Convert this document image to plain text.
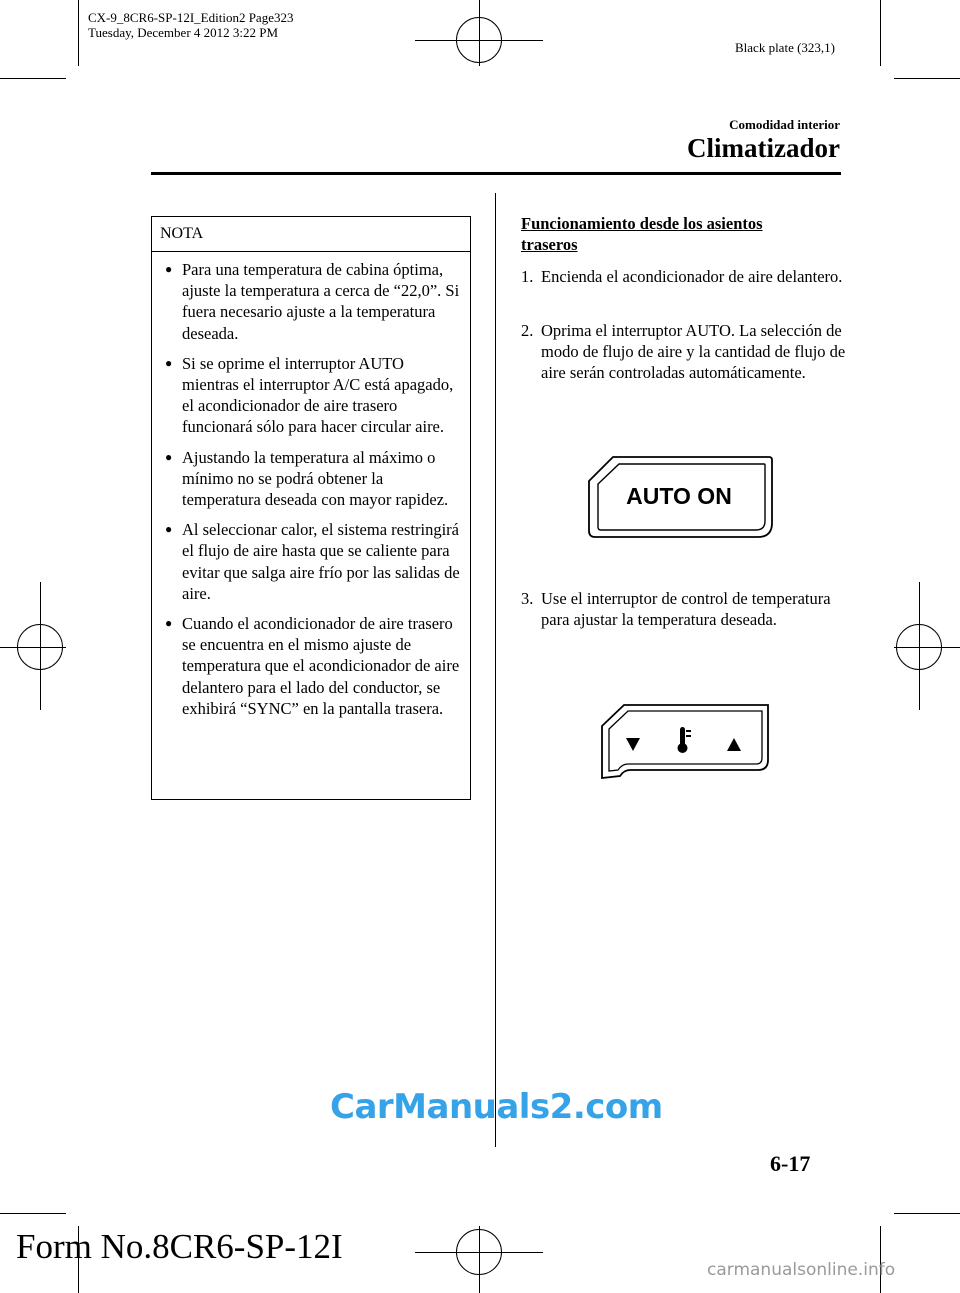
CX-9_8CR6-SP-12I_Edition2 Page323
Tuesday, December 4 2012 3:22 PM
Black plate (323,1)
Comodidad interior
Climatizador
NOTA
● Para una temperatura de cabina óptima, ajuste la temperatura a cerca de “22,0”. Si fuera necesario ajuste a la temperatura deseada.
● Si se oprime el interruptor AUTO mientras el interruptor A/C está apagado, el acondicionador de aire trasero funcionará sólo para hacer circular aire.
● Ajustando la temperatura al máximo o mínimo no se podrá obtener la temperatura deseada con mayor rapidez.
● Al seleccionar calor, el sistema restringirá el flujo de aire hasta que se caliente para evitar que salga aire frío por las salidas de aire.
● Cuando el acondicionador de aire trasero se encuentra en el mismo ajuste de temperatura que el acondicionador de aire delantero para el lado del conductor, se exhibirá “SYNC” en la pantalla trasera.
Funcionamiento desde los asientos traseros
1. Encienda el acondicionador de aire delantero.
2. Oprima el interruptor AUTO. La selección de modo de flujo de aire y la cantidad de flujo de aire serán controladas automáticamente.
AUTO ON
3. Use el interruptor de control de temperatura para ajustar la temperatura deseada.
CarManuals2.com
6-17
Form No.8CR6-SP-12I
carmanualsonline.info
